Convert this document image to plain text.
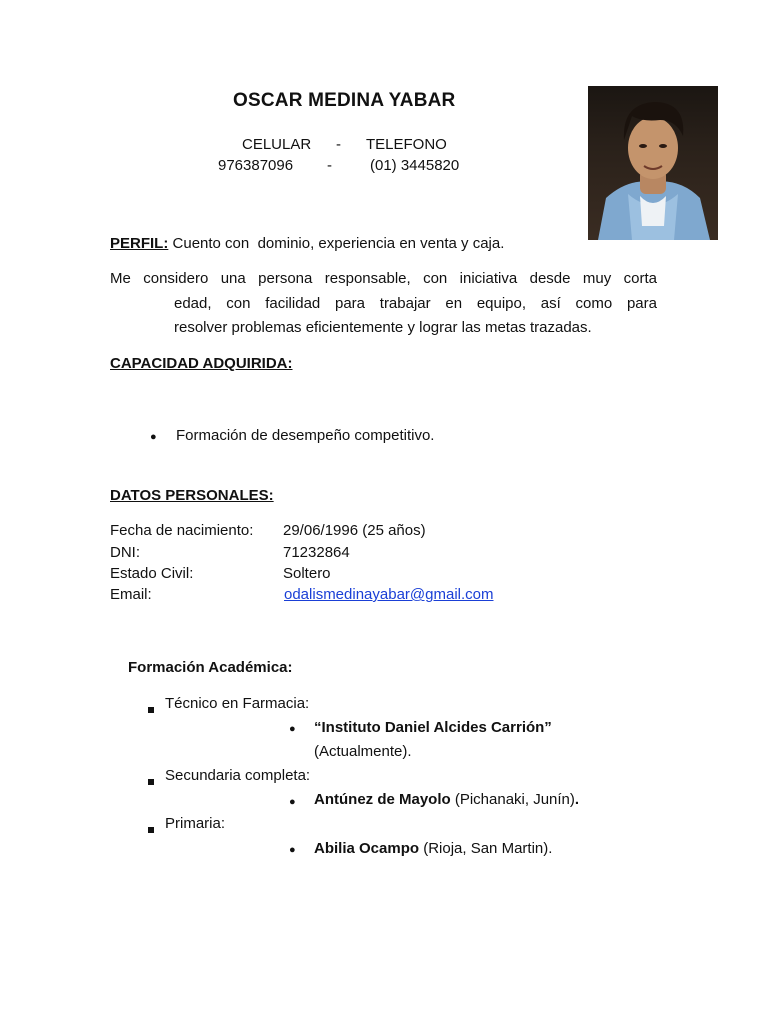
OSCAR MEDINA YABAR
CELULAR - TELEFONO
976387096 -	(01) 3445820
PERFIL: Cuento con  dominio, experiencia en venta y caja.
Me considero una persona responsable, con iniciativa desde muy corta
edad, con facilidad para trabajar en equipo, así como para
resolver problemas eficientemente y lograr las metas trazadas.
CAPACIDAD ADQUIRIDA:
● Formación de desempeño competitivo.
DATOS PERSONALES:
Fecha de nacimiento: 29/06/1996 (25 años)
DNI:	71232864
Estado Civil:	Soltero
Email:	odalismedinayabar@gmail.com
Formación Académica:
Técnico en Farmacia:
● “Instituto Daniel Alcides Carrión”
(Actualmente).
Secundaria completa:
● Antúnez de Mayolo (Pichanaki, Junín).
Primaria:
● Abilia Ocampo (Rioja, San Martin).
